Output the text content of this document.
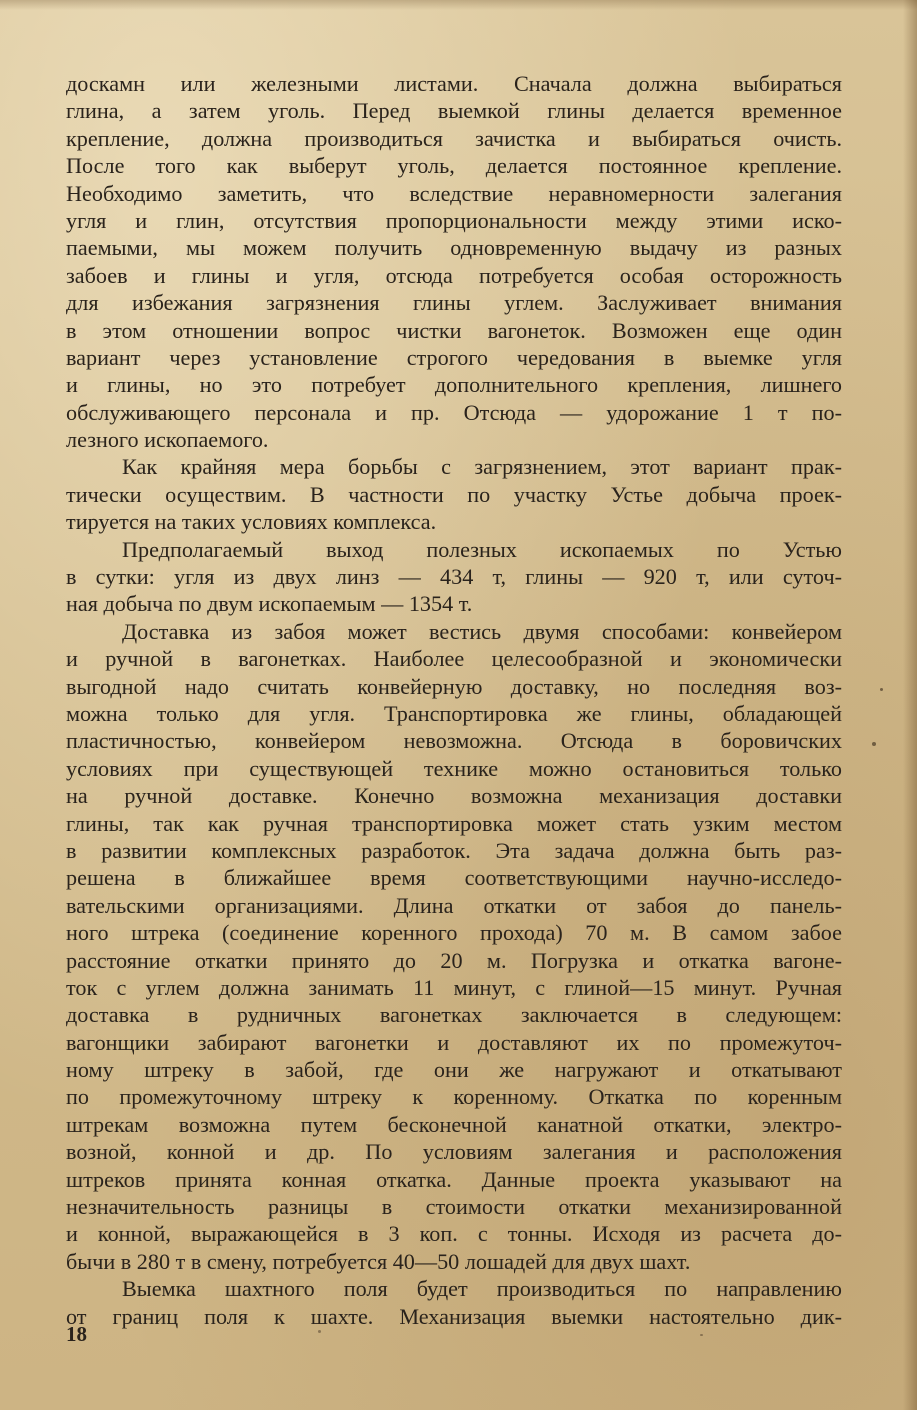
доскамн или железными листами. Сначала должна выбираться
глина, а затем уголь. Перед выемкой глины делается временное
крепление, должна производиться зачистка и выбираться очисть.
После того как выберут уголь, делается постоянное крепление.
Необходимо заметить, что вследствие неравномерности залегания
угля и глин, отсутствия пропорциональности между этими иско-
паемыми, мы можем получить одновременную выдачу из разных
забоев и глины и угля, отсюда потребуется особая осторожность
для избежания загрязнения глины углем. Заслуживает внимания
в этом отношении вопрос чистки вагонеток. Возможен еще один
вариант через установление строгого чередования в выемке угля
и глины, но это потребует дополнительного крепления, лишнего
обслуживающего персонала и пр. Отсюда — удорожание 1 т по-
лезного ископаемого.
Как крайняя мера борьбы с загрязнением, этот вариант прак-
тически осуществим. В частности по участку Устье добыча проек-
тируется на таких условиях комплекса.
Предполагаемый выход полезных ископаемых по Устью
в сутки: угля из двух линз — 434 т, глины — 920 т, или суточ-
ная добыча по двум ископаемым — 1354 т.
Доставка из забоя может вестись двумя способами: конвейером
и ручной в вагонетках. Наиболее целесообразной и экономически
выгодной надо считать конвейерную доставку, но последняя воз-
можна только для угля. Транспортировка же глины, обладающей
пластичностью, конвейером невозможна. Отсюда в боровичских
условиях при существующей технике можно остановиться только
на ручной доставке. Конечно возможна механизация доставки
глины, так как ручная транспортировка может стать узким местом
в развитии комплексных разработок. Эта задача должна быть раз-
решена в ближайшее время соответствующими научно-исследо-
вательскими организациями. Длина откатки от забоя до панель-
ного штрека (соединение коренного прохода) 70 м. В самом забое
расстояние откатки принято до 20 м. Погрузка и откатка вагоне-
ток с углем должна занимать 11 минут, с глиной—15 минут. Ручная
доставка в рудничных вагонетках заключается в следующем:
вагонщики забирают вагонетки и доставляют их по промежуточ-
ному штреку в забой, где они же нагружают и откатывают
по промежуточному штреку к коренному. Откатка по коренным
штрекам возможна путем бесконечной канатной откатки, электро-
возной, конной и др. По условиям залегания и расположения
штреков принята конная откатка. Данные проекта указывают на
незначительность разницы в стоимости откатки механизированной
и конной, выражающейся в 3 коп. с тонны. Исходя из расчета до-
бычи в 280 т в смену, потребуется 40—50 лошадей для двух шахт.
Выемка шахтного поля будет производиться по направлению
от границ поля к шахте. Механизация выемки настоятельно дик-
18
